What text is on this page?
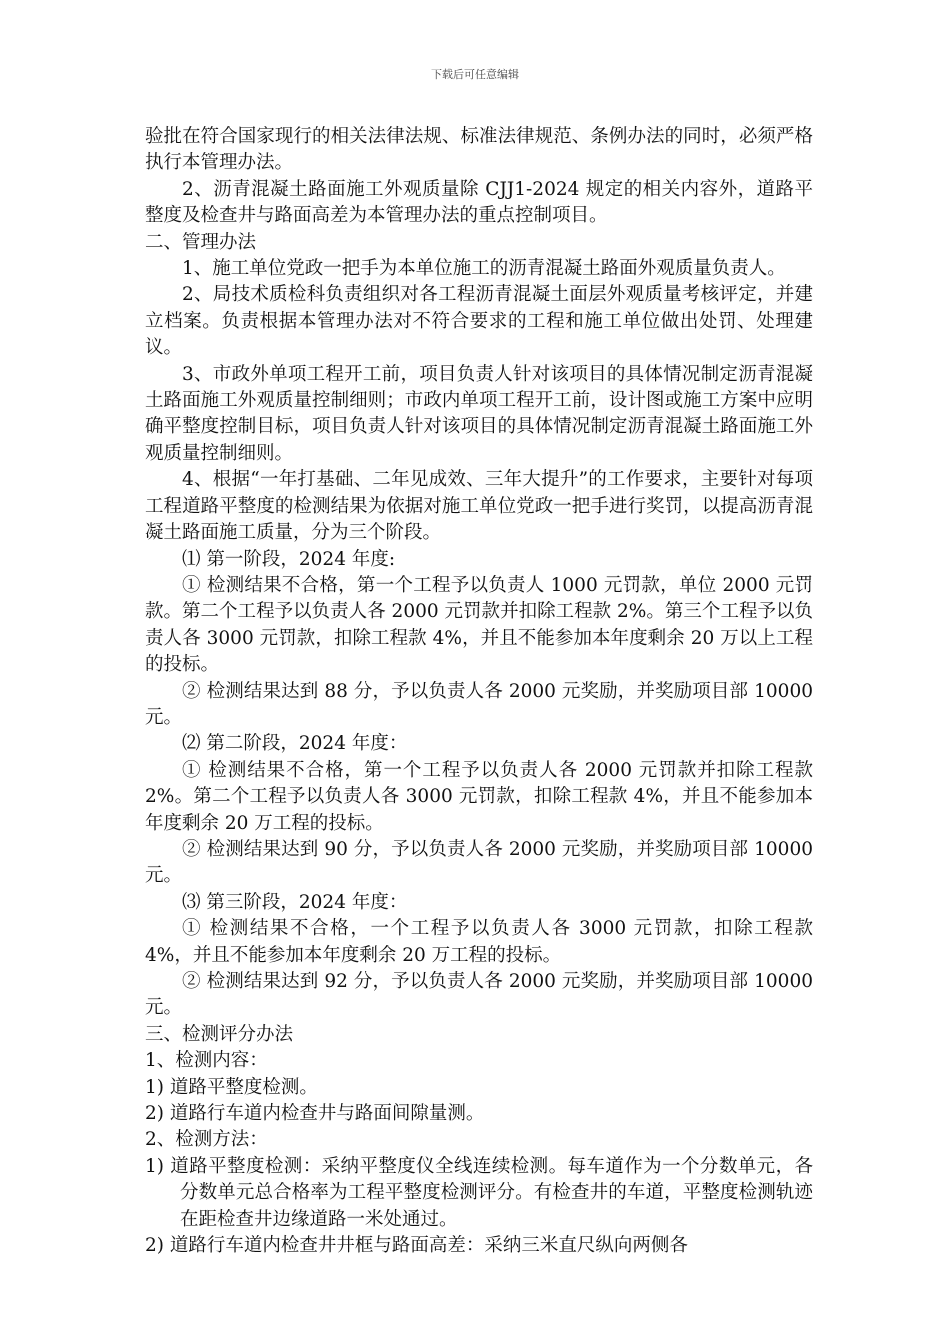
下载后可任意编辑

验批在符合国家现行的相关法律法规、标准法律规范、条例办法的同时，必须严格执行本管理办法。

2、沥青混凝土路面施工外观质量除 CJJ1-2024 规定的相关内容外，道路平整度及检查井与路面高差为本管理办法的重点控制项目。

二、管理办法

1、施工单位党政一把手为本单位施工的沥青混凝土路面外观质量负责人。

2、局技术质检科负责组织对各工程沥青混凝土面层外观质量考核评定，并建立档案。负责根据本管理办法对不符合要求的工程和施工单位做出处罚、处理建议。

3、市政外单项工程开工前，项目负责人针对该项目的具体情况制定沥青混凝土路面施工外观质量控制细则；市政内单项工程开工前，设计图或施工方案中应明确平整度控制目标，项目负责人针对该项目的具体情况制定沥青混凝土路面施工外观质量控制细则。

4、根据“一年打基础、二年见成效、三年大提升”的工作要求，主要针对每项工程道路平整度的检测结果为依据对施工单位党政一把手进行奖罚，以提高沥青混凝土路面施工质量，分为三个阶段。

⑴ 第一阶段，2024 年度:

① 检测结果不合格，第一个工程予以负责人 1000 元罚款，单位 2000 元罚款。第二个工程予以负责人各 2000 元罚款并扣除工程款 2%。第三个工程予以负责人各 3000 元罚款，扣除工程款 4%，并且不能参加本年度剩余 20 万以上工程的投标。

② 检测结果达到 88 分，予以负责人各 2000 元奖励，并奖励项目部 10000 元。

⑵ 第二阶段，2024 年度：

① 检测结果不合格，第一个工程予以负责人各 2000 元罚款并扣除工程款 2%。第二个工程予以负责人各 3000 元罚款，扣除工程款 4%，并且不能参加本年度剩余 20 万工程的投标。

② 检测结果达到 90 分，予以负责人各 2000 元奖励，并奖励项目部 10000 元。

⑶ 第三阶段，2024 年度：

① 检测结果不合格，一个工程予以负责人各 3000 元罚款，扣除工程款 4%，并且不能参加本年度剩余 20 万工程的投标。

② 检测结果达到 92 分，予以负责人各 2000 元奖励，并奖励项目部 10000 元。

三、检测评分办法

1、检测内容：

1) 道路平整度检测。

2) 道路行车道内检查井与路面间隙量测。

2、检测方法：

1) 道路平整度检测：采纳平整度仪全线连续检测。每车道作为一个分数单元，各分数单元总合格率为工程平整度检测评分。有检查井的车道，平整度检测轨迹在距检查井边缘道路一米处通过。

2) 道路行车道内检查井井框与路面高差：采纳三米直尺纵向两侧各
